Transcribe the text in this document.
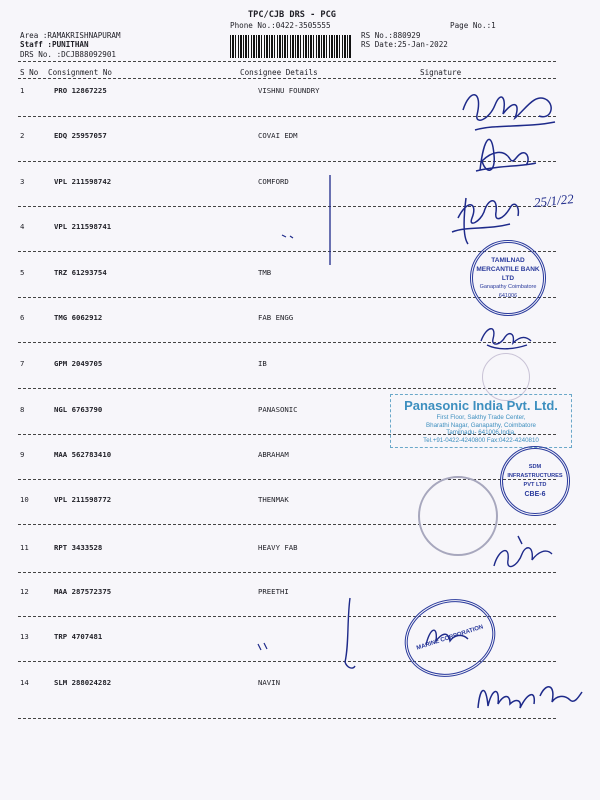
TPC/CJB DRS - PCG
Phone No.:0422-3505555	Page No.:1
Area :RAMAKRISHNAPURAM
Staff :PUNITHAN
DRS No. :DCJB88092901
RS No.:880929
RS Date:25-Jan-2022
S No Consignment No	Consignee Details	Signature
1	PRO 12867225	VISHNU FOUNDRY
2	EDQ 25957057	COVAI EDM
3	VPL 211598742	COMFORD
4	VPL 211598741
5	TRZ 61293754	TMB
6	TMG 6062912	FAB ENGG
7	GPM 2049705	IB
8	NGL 6763790	PANASONIC
9	MAA 562783410	ABRAHAM
10	VPL 211598772	THENMAK
11	RPT 3433528	HEAVY FAB
12	MAA 287572375	PREETHI
13	TRP 4707481
14	SLM 288024282	NAVIN
25/1/22
TAMILNAD MERCANTILE BANK LTD
Ganapathy Coimbatore 641006
Panasonic India Pvt. Ltd.
First Floor, Sakthy Trade Center,
Bharathi Nagar, Ganapathy, Coimbatore
Tamilnadu- 641006,India.
Tel.+91-0422-4240800 Fax:0422-4240810
SDM INFRASTRUCTURES PVT LTD
CBE-6
MARINE CORPORATION
